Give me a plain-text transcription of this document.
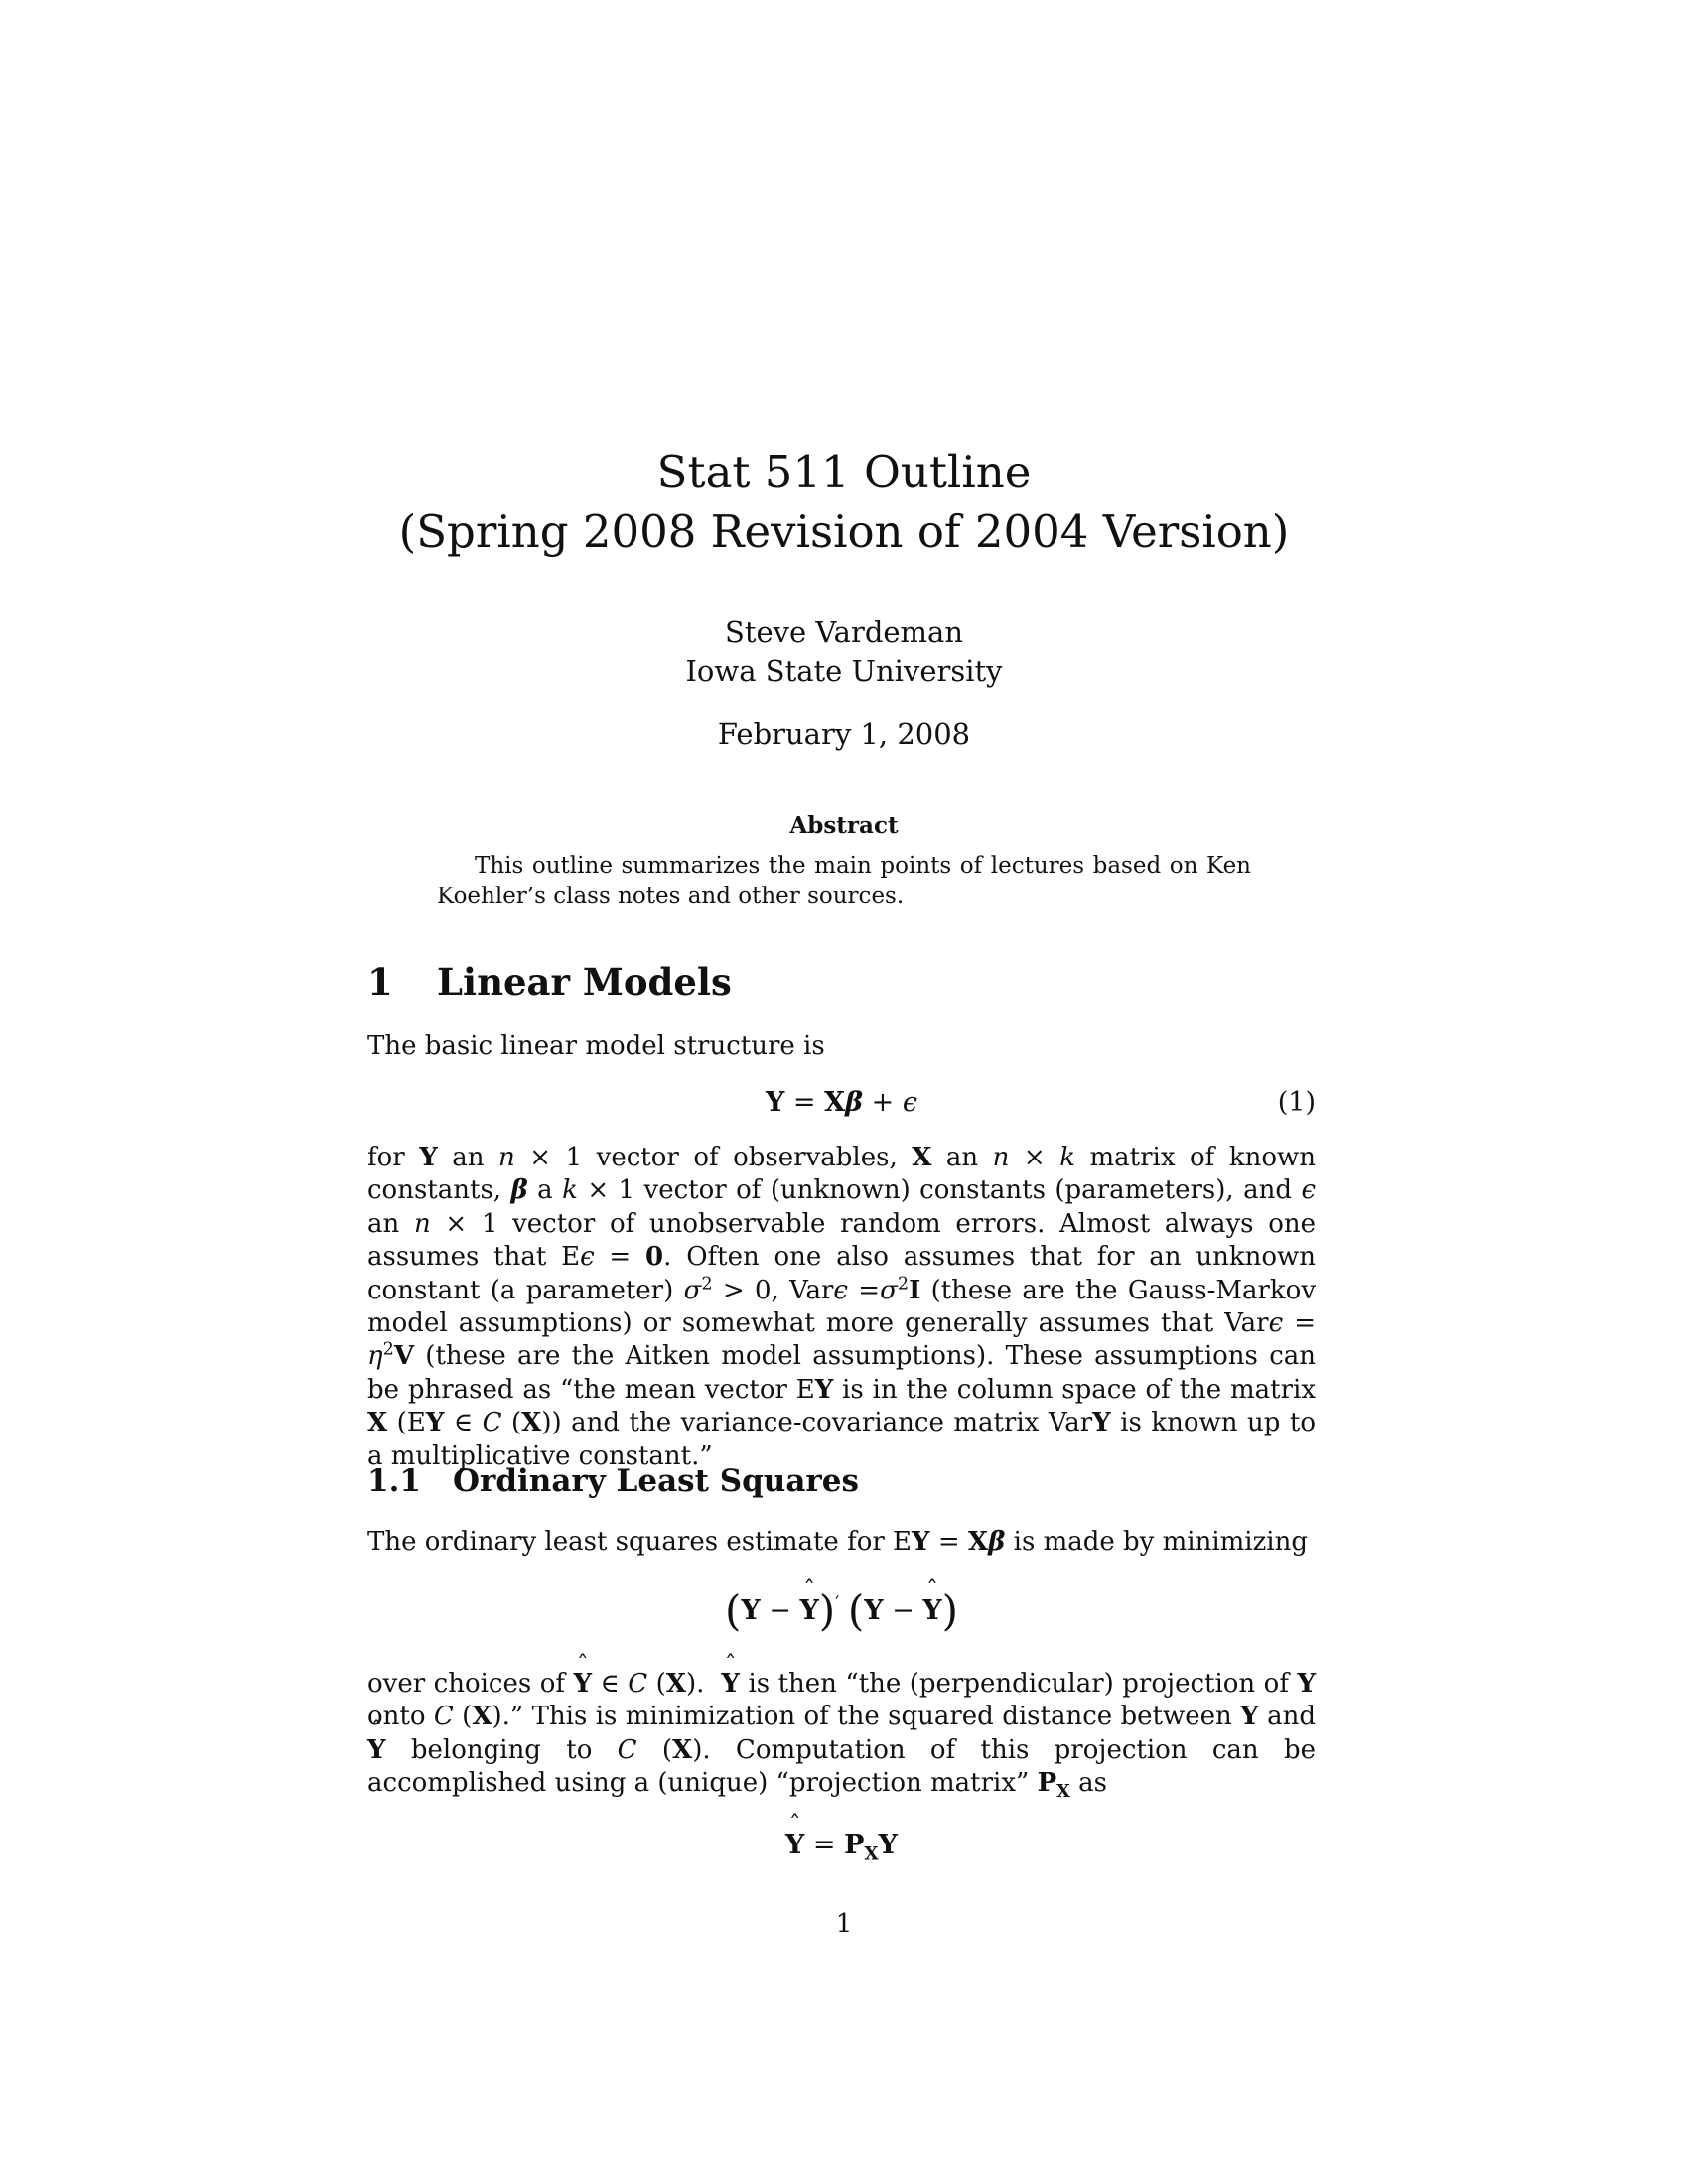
Stat 511 Outline
(Spring 2008 Revision of 2004 Version)
Steve Vardeman
Iowa State University
February 1, 2008
Abstract
This outline summarizes the main points of lectures based on Ken Koehler’s class notes and other sources.
1 Linear Models

The basic linear model structure is

Y = Xβ + ϵ	(1)

for Y an n × 1 vector of observables, X an n × k matrix of known constants, β a k × 1 vector of (unknown) constants (parameters), and ϵ an n × 1 vector of unobservable random errors. Almost always one assumes that Eϵ = 0. Often one also assumes that for an unknown constant (a parameter) $\sigma^2 > 0$, $Var\epsilon =\sigma^2I$ (these are the Gauss-Markov model assumptions) or somewhat more generally assumes that $Var\epsilon = \eta^2V$ (these are the Aitken model assumptions). These assumptions can be phrased as “the mean vector EY is in the column space of the matrix X (EY ∈ C (X)) and the variance-covariance matrix VarY is known up to a multiplicative constant.”

1.1 Ordinary Least Squares

The ordinary least squares estimate for EY = Xβ is made by minimizing

(Y − ˆ Y)′ (Y − ˆ Y)

over choices of ˆ Y ∈ C (X).  ˆ Y is then “the (perpendicular) projection of Y onto C (X).” This is minimization of the squared distance between Y and ˆ Y belonging to C (X). Computation of this projection can be accomplished using a (unique) “projection matrix” $P_X$ as

ˆ $Y = P_XY$
1
